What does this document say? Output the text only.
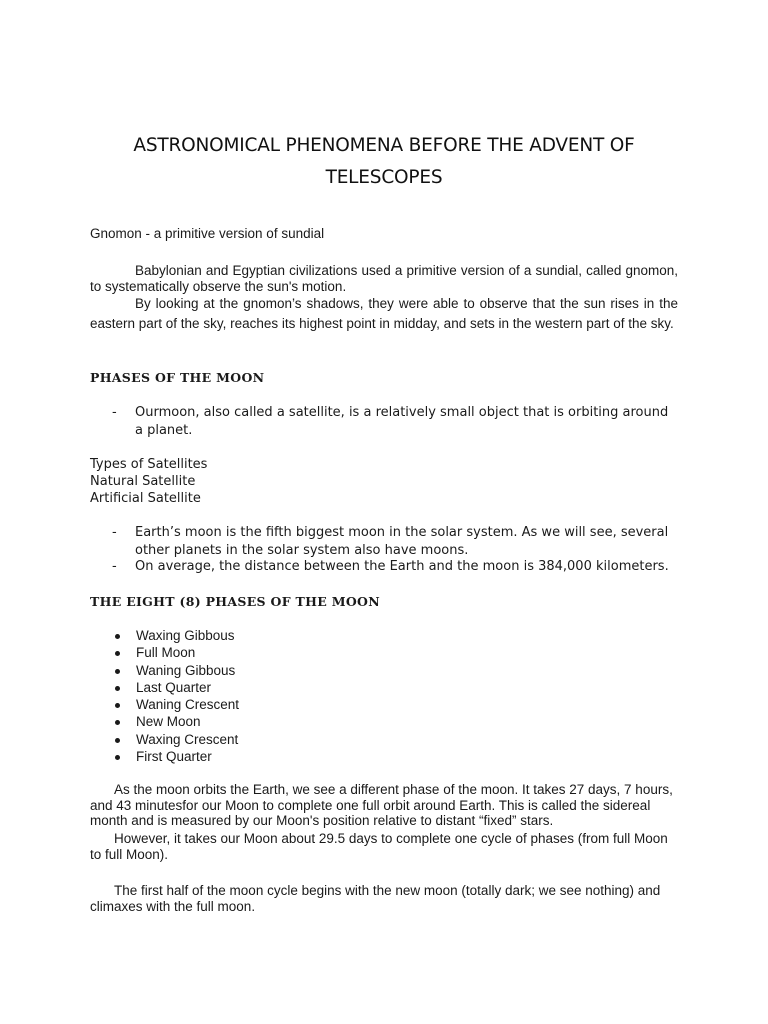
ASTRONOMICAL PHENOMENA BEFORE THE ADVENT OF
TELESCOPES
Gnomon - a primitive version of sundial
Babylonian and Egyptian civilizations used a primitive version of a sundial, called gnomon, to systematically observe the sun's motion.
By looking at the gnomon’s shadows, they were able to observe that the sun rises in the eastern part of the sky, reaches its highest point in midday, and sets in the western part of the sky.
PHASES OF THE MOON
- Ourmoon, also called a satellite, is a relatively small object that is orbiting around a planet.
Types of Satellites
Natural Satellite
Artificial Satellite
- Earth’s moon is the fifth biggest moon in the solar system. As we will see, several other planets in the solar system also have moons.
- On average, the distance between the Earth and the moon is 384,000 kilometers.
THE EIGHT (8) PHASES OF THE MOON
Waxing Gibbous
Full Moon
Waning Gibbous
Last Quarter
Waning Crescent
New Moon
Waxing Crescent
First Quarter
As the moon orbits the Earth, we see a different phase of the moon. It takes 27 days, 7 hours, and 43 minutesfor our Moon to complete one full orbit around Earth. This is called the sidereal month and is measured by our Moon's position relative to distant “fixed” stars.
However, it takes our Moon about 29.5 days to complete one cycle of phases (from full Moon to full Moon).
The first half of the moon cycle begins with the new moon (totally dark; we see nothing) and climaxes with the full moon.
